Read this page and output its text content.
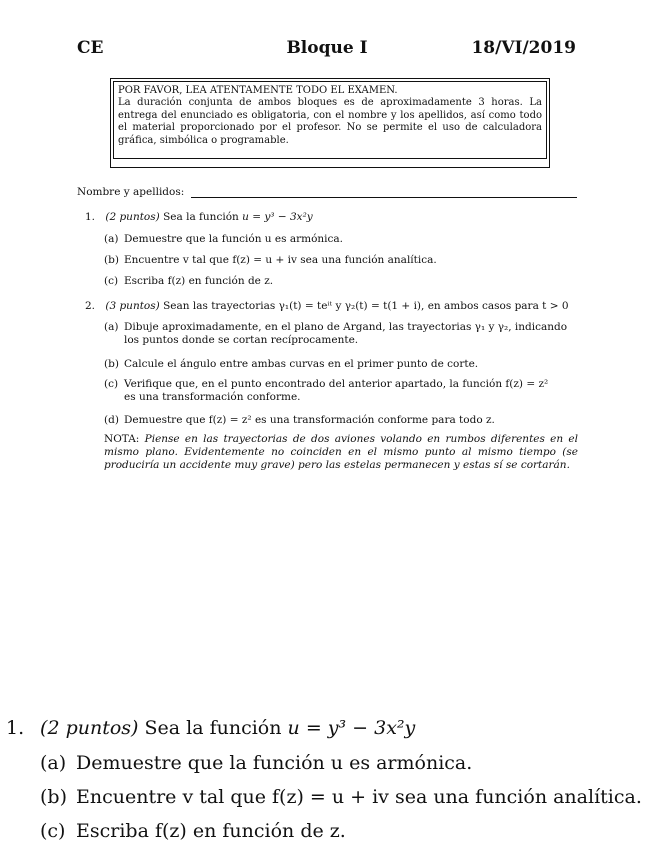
CE	Bloque I	18/VI/2019
POR FAVOR, LEA ATENTAMENTE TODO EL EXAMEN.
La duración conjunta de ambos bloques es de aproximadamente 3 horas. La entrega del enunciado es obligatoria, con el nombre y los apellidos, así como todo el material proporcionado por el profesor. No se permite el uso de calculadora gráfica, simbólica o programable.
Nombre y apellidos:
1. (2 puntos) Sea la función u = y³ − 3x²y
(a) Demuestre que la función u es armónica.
(b) Encuentre v tal que f(z) = u + iv sea una función analítica.
(c) Escriba f(z) en función de z.
2. (3 puntos) Sean las trayectorias γ₁(t) = teⁱᵗ y γ₂(t) = t(1 + i), en ambos casos para t > 0
(a) Dibuje aproximadamente, en el plano de Argand, las trayectorias γ₁ y γ₂, indicando
los puntos donde se cortan recíprocamente.
(b) Calcule el ángulo entre ambas curvas en el primer punto de corte.
(c) Verifique que, en el punto encontrado del anterior apartado, la función f(z) = z²
es una transformación conforme.
(d) Demuestre que f(z) = z² es una transformación conforme para todo z.
NOTA: Piense en las trayectorias de dos aviones volando en rumbos diferentes en el mismo plano. Evidentemente no coinciden en el mismo punto al mismo tiempo (se produciría un accidente muy grave) pero las estelas permanecen y estas sí se cortarán.
1. (2 puntos) Sea la función u = y³ − 3x²y
(a) Demuestre que la función u es armónica.
(b) Encuentre v tal que f(z) = u + iv sea una función analítica.
(c) Escriba f(z) en función de z.
